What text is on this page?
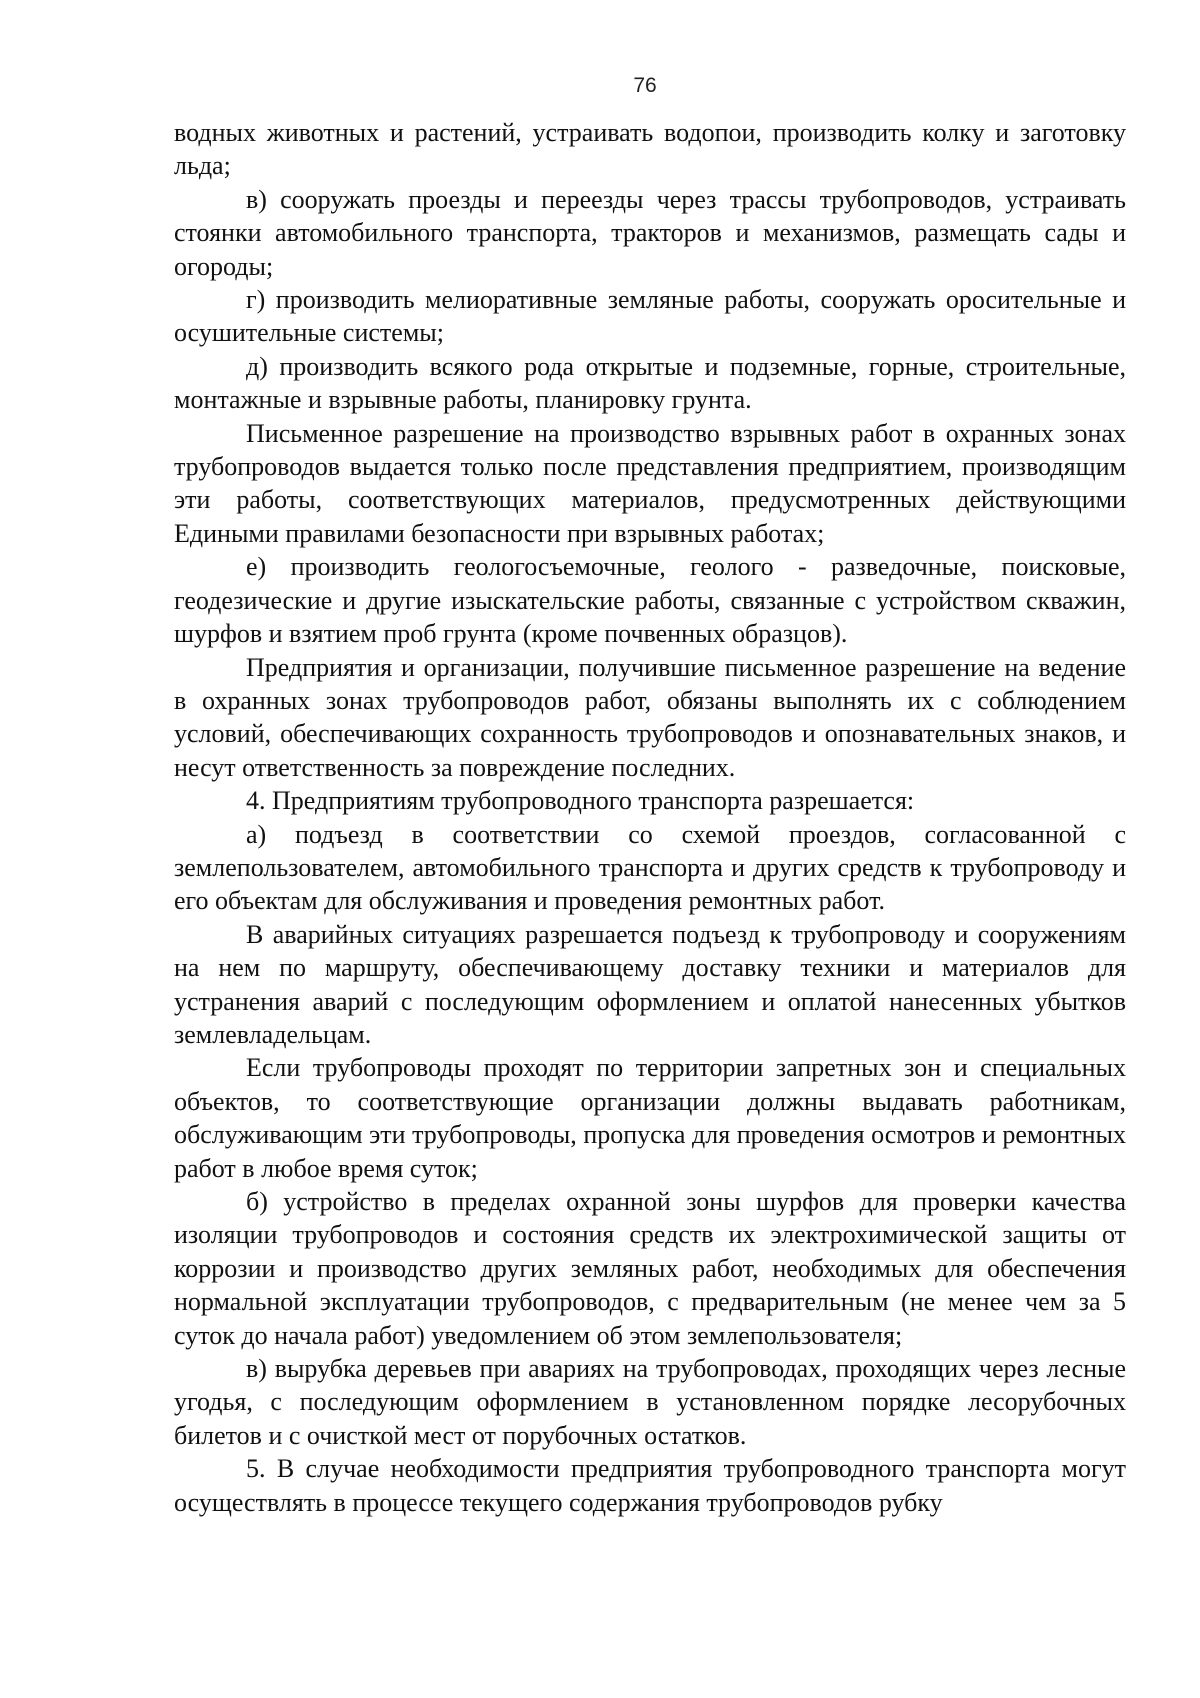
76

водных животных и растений, устраивать водопои, производить колку и заготовку льда;

в) сооружать проезды и переезды через трассы трубопроводов, устраивать стоянки автомобильного транспорта, тракторов и механизмов, размещать сады и огороды;

г) производить мелиоративные земляные работы, сооружать оросительные и осушительные системы;

д) производить всякого рода открытые и подземные, горные, строительные, монтажные и взрывные работы, планировку грунта.

Письменное разрешение на производство взрывных работ в охранных зонах трубопроводов выдается только после представления предприятием, производящим эти работы, соответствующих материалов, предусмотренных действующими Едиными правилами безопасности при взрывных работах;

е) производить геологосъемочные, геолого - разведочные, поисковые, геодезические и другие изыскательские работы, связанные с устройством скважин, шурфов и взятием проб грунта (кроме почвенных образцов).

Предприятия и организации, получившие письменное разрешение на ведение в охранных зонах трубопроводов работ, обязаны выполнять их с соблюдением условий, обеспечивающих сохранность трубопроводов и опознавательных знаков, и несут ответственность за повреждение последних.

4. Предприятиям трубопроводного транспорта разрешается:

а) подъезд в соответствии со схемой проездов, согласованной с землепользователем, автомобильного транспорта и других средств к трубопроводу и его объектам для обслуживания и проведения ремонтных работ.

В аварийных ситуациях разрешается подъезд к трубопроводу и сооружениям на нем по маршруту, обеспечивающему доставку техники и материалов для устранения аварий с последующим оформлением и оплатой нанесенных убытков землевладельцам.

Если трубопроводы проходят по территории запретных зон и специальных объектов, то соответствующие организации должны выдавать работникам, обслуживающим эти трубопроводы, пропуска для проведения осмотров и ремонтных работ в любое время суток;

б) устройство в пределах охранной зоны шурфов для проверки качества изоляции трубопроводов и состояния средств их электрохимической защиты от коррозии и производство других земляных работ, необходимых для обеспечения нормальной эксплуатации трубопроводов, с предварительным (не менее чем за 5 суток до начала работ) уведомлением об этом землепользователя;

в) вырубка деревьев при авариях на трубопроводах, проходящих через лесные угодья, с последующим оформлением в установленном порядке лесорубочных билетов и с очисткой мест от порубочных остатков.

5. В случае необходимости предприятия трубопроводного транспорта могут осуществлять в процессе текущего содержания трубопроводов рубку
